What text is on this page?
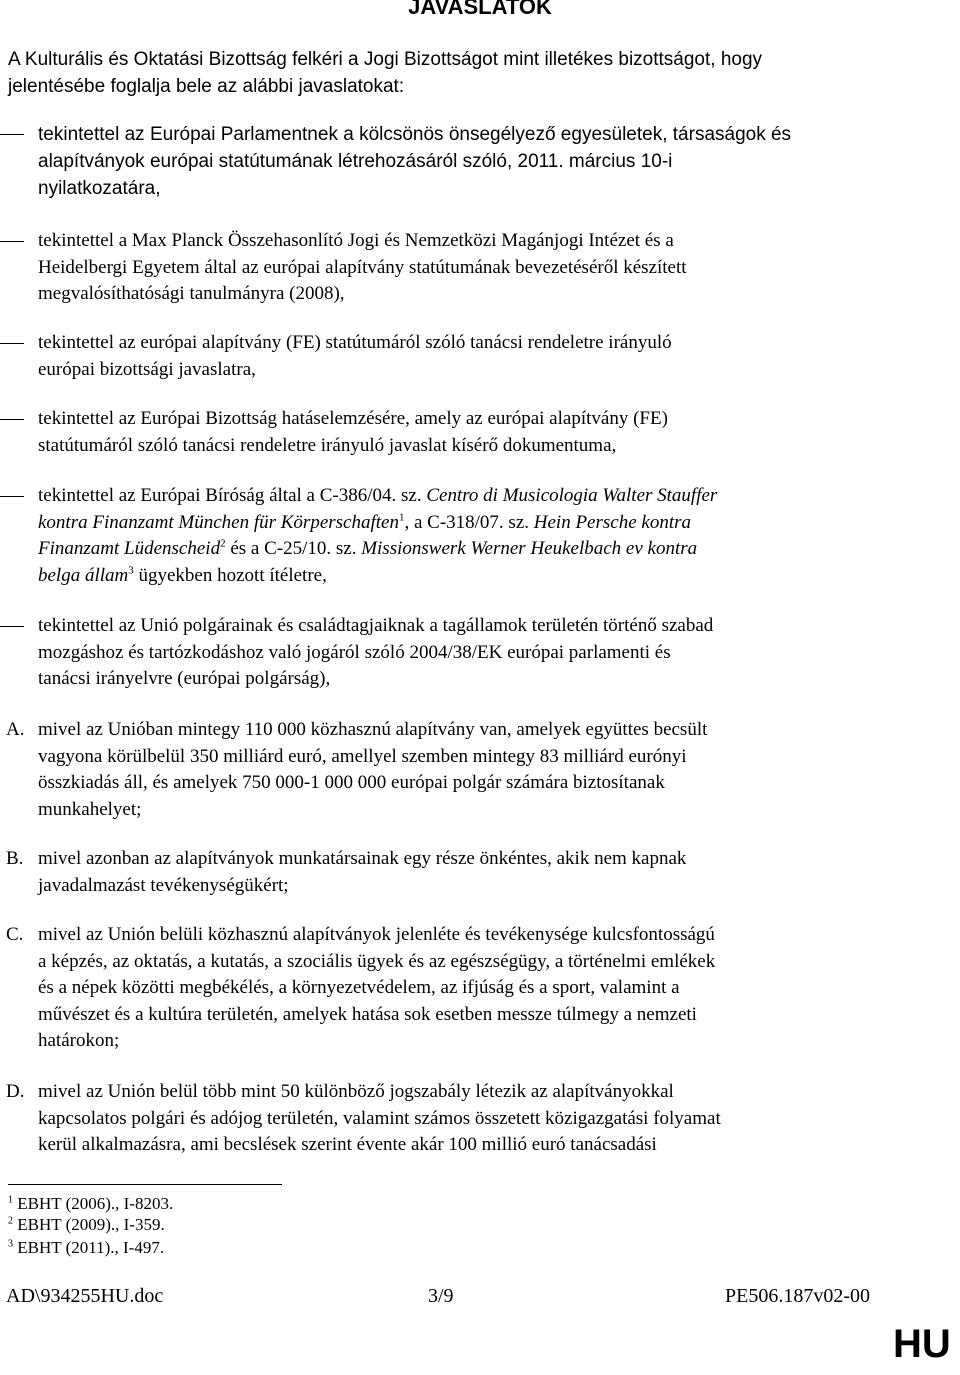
JAVASLATOK
A Kulturális és Oktatási Bizottság felkéri a Jogi Bizottságot mint illetékes bizottságot, hogy
jelentésébe foglalja bele az alábbi javaslatokat:
tekintettel az Európai Parlamentnek a kölcsönös önsegélyező egyesületek, társaságok és
alapítványok európai statútumának létrehozásáról szóló, 2011. március 10-i
nyilatkozatára,
tekintettel a Max Planck Összehasonlító Jogi és Nemzetközi Magánjogi Intézet és a
Heidelbergi Egyetem által az európai alapítvány statútumának bevezetéséről készített
megvalósíthatósági tanulmányra (2008),
tekintettel az európai alapítvány (FE) statútumáról szóló tanácsi rendeletre irányuló
európai bizottsági javaslatra,
tekintettel az Európai Bizottság hatáselemzésére, amely az európai alapítvány (FE)
statútumáról szóló tanácsi rendeletre irányuló javaslat kísérő dokumentuma,
tekintettel az Európai Bíróság által a C-386/04. sz. Centro di Musicologia Walter Stauffer
kontra Finanzamt München für Körperschaften$^1$, a C-318/07. sz. Hein Persche kontra
Finanzamt Lüdenscheid$^2$ és a C-25/10. sz. Missionswerk Werner Heukelbach ev kontra
belga állam$^3$ ügyekben hozott ítéletre,
tekintettel az Unió polgárainak és családtagjaiknak a tagállamok területén történő szabad
mozgáshoz és tartózkodáshoz való jogáról szóló 2004/38/EK európai parlamenti és
tanácsi irányelvre (európai polgárság),
A. mivel az Unióban mintegy 110 000 közhasznú alapítvány van, amelyek együttes becsült
vagyona körülbelül 350 milliárd euró, amellyel szemben mintegy 83 milliárd eurónyi
összkiadás áll, és amelyek 750 000-1 000 000 európai polgár számára biztosítanak
munkahelyet;
B. mivel azonban az alapítványok munkatársainak egy része önkéntes, akik nem kapnak
javadalmazást tevékenységükért;
C. mivel az Unión belüli közhasznú alapítványok jelenléte és tevékenysége kulcsfontosságú
a képzés, az oktatás, a kutatás, a szociális ügyek és az egészségügy, a történelmi emlékek
és a népek közötti megbékélés, a környezetvédelem, az ifjúság és a sport, valamint a
művészet és a kultúra területén, amelyek hatása sok esetben messze túlmegy a nemzeti
határokon;
D. mivel az Unión belül több mint 50 különböző jogszabály létezik az alapítványokkal
kapcsolatos polgári és adójog területén, valamint számos összetett közigazgatási folyamat
kerül alkalmazásra, ami becslések szerint évente akár 100 millió euró tanácsadási
$^1$ EBHT (2006)., I-8203.
$^2$ EBHT (2009)., I-359.
$^3$ EBHT (2011)., I-497.
AD\934255HU.doc	3/9	PE506.187v02-00
HU
